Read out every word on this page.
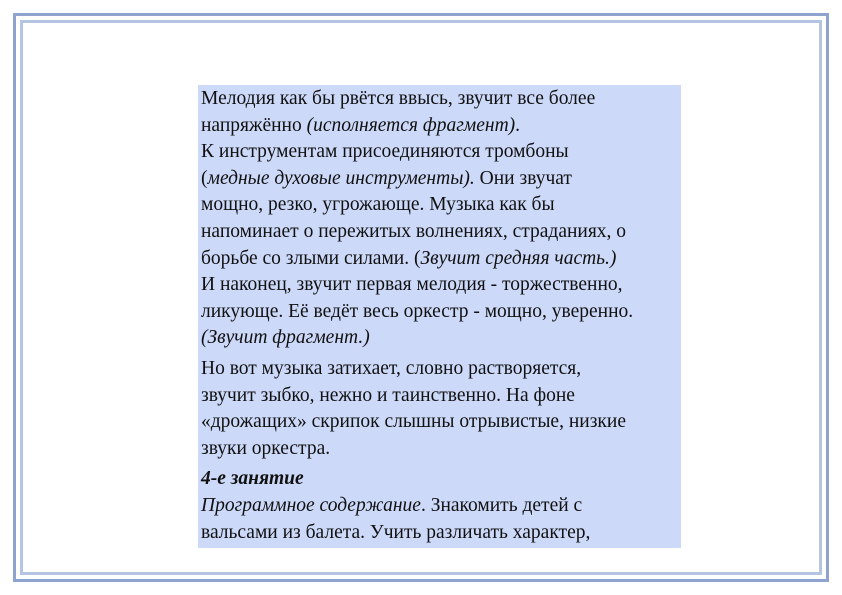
Мелодия как бы рвётся ввысь, звучит все более
напряжённо (исполняется фрагмент).
К инструментам присоединяются тромбоны
(медные духовые инструменты). Они звучат
мощно, резко, угрожающе. Музыка как бы
напоминает о пережитых волнениях, страданиях, о
борьбе со злыми силами. (Звучит средняя часть.)
И наконец, звучит первая мелодия - торжественно,
ликующе. Её ведёт весь оркестр - мощно, уверенно.
(Звучит фрагмент.)
Но вот музыка затихает, словно растворяется,
звучит зыбко, нежно и таинственно. На фоне
«дрожащих» скрипок слышны отрывистые, низкие
звуки оркестра.
4-е занятие
Программное содержание. Знакомить детей с
вальсами из балета. Учить различать характер,
